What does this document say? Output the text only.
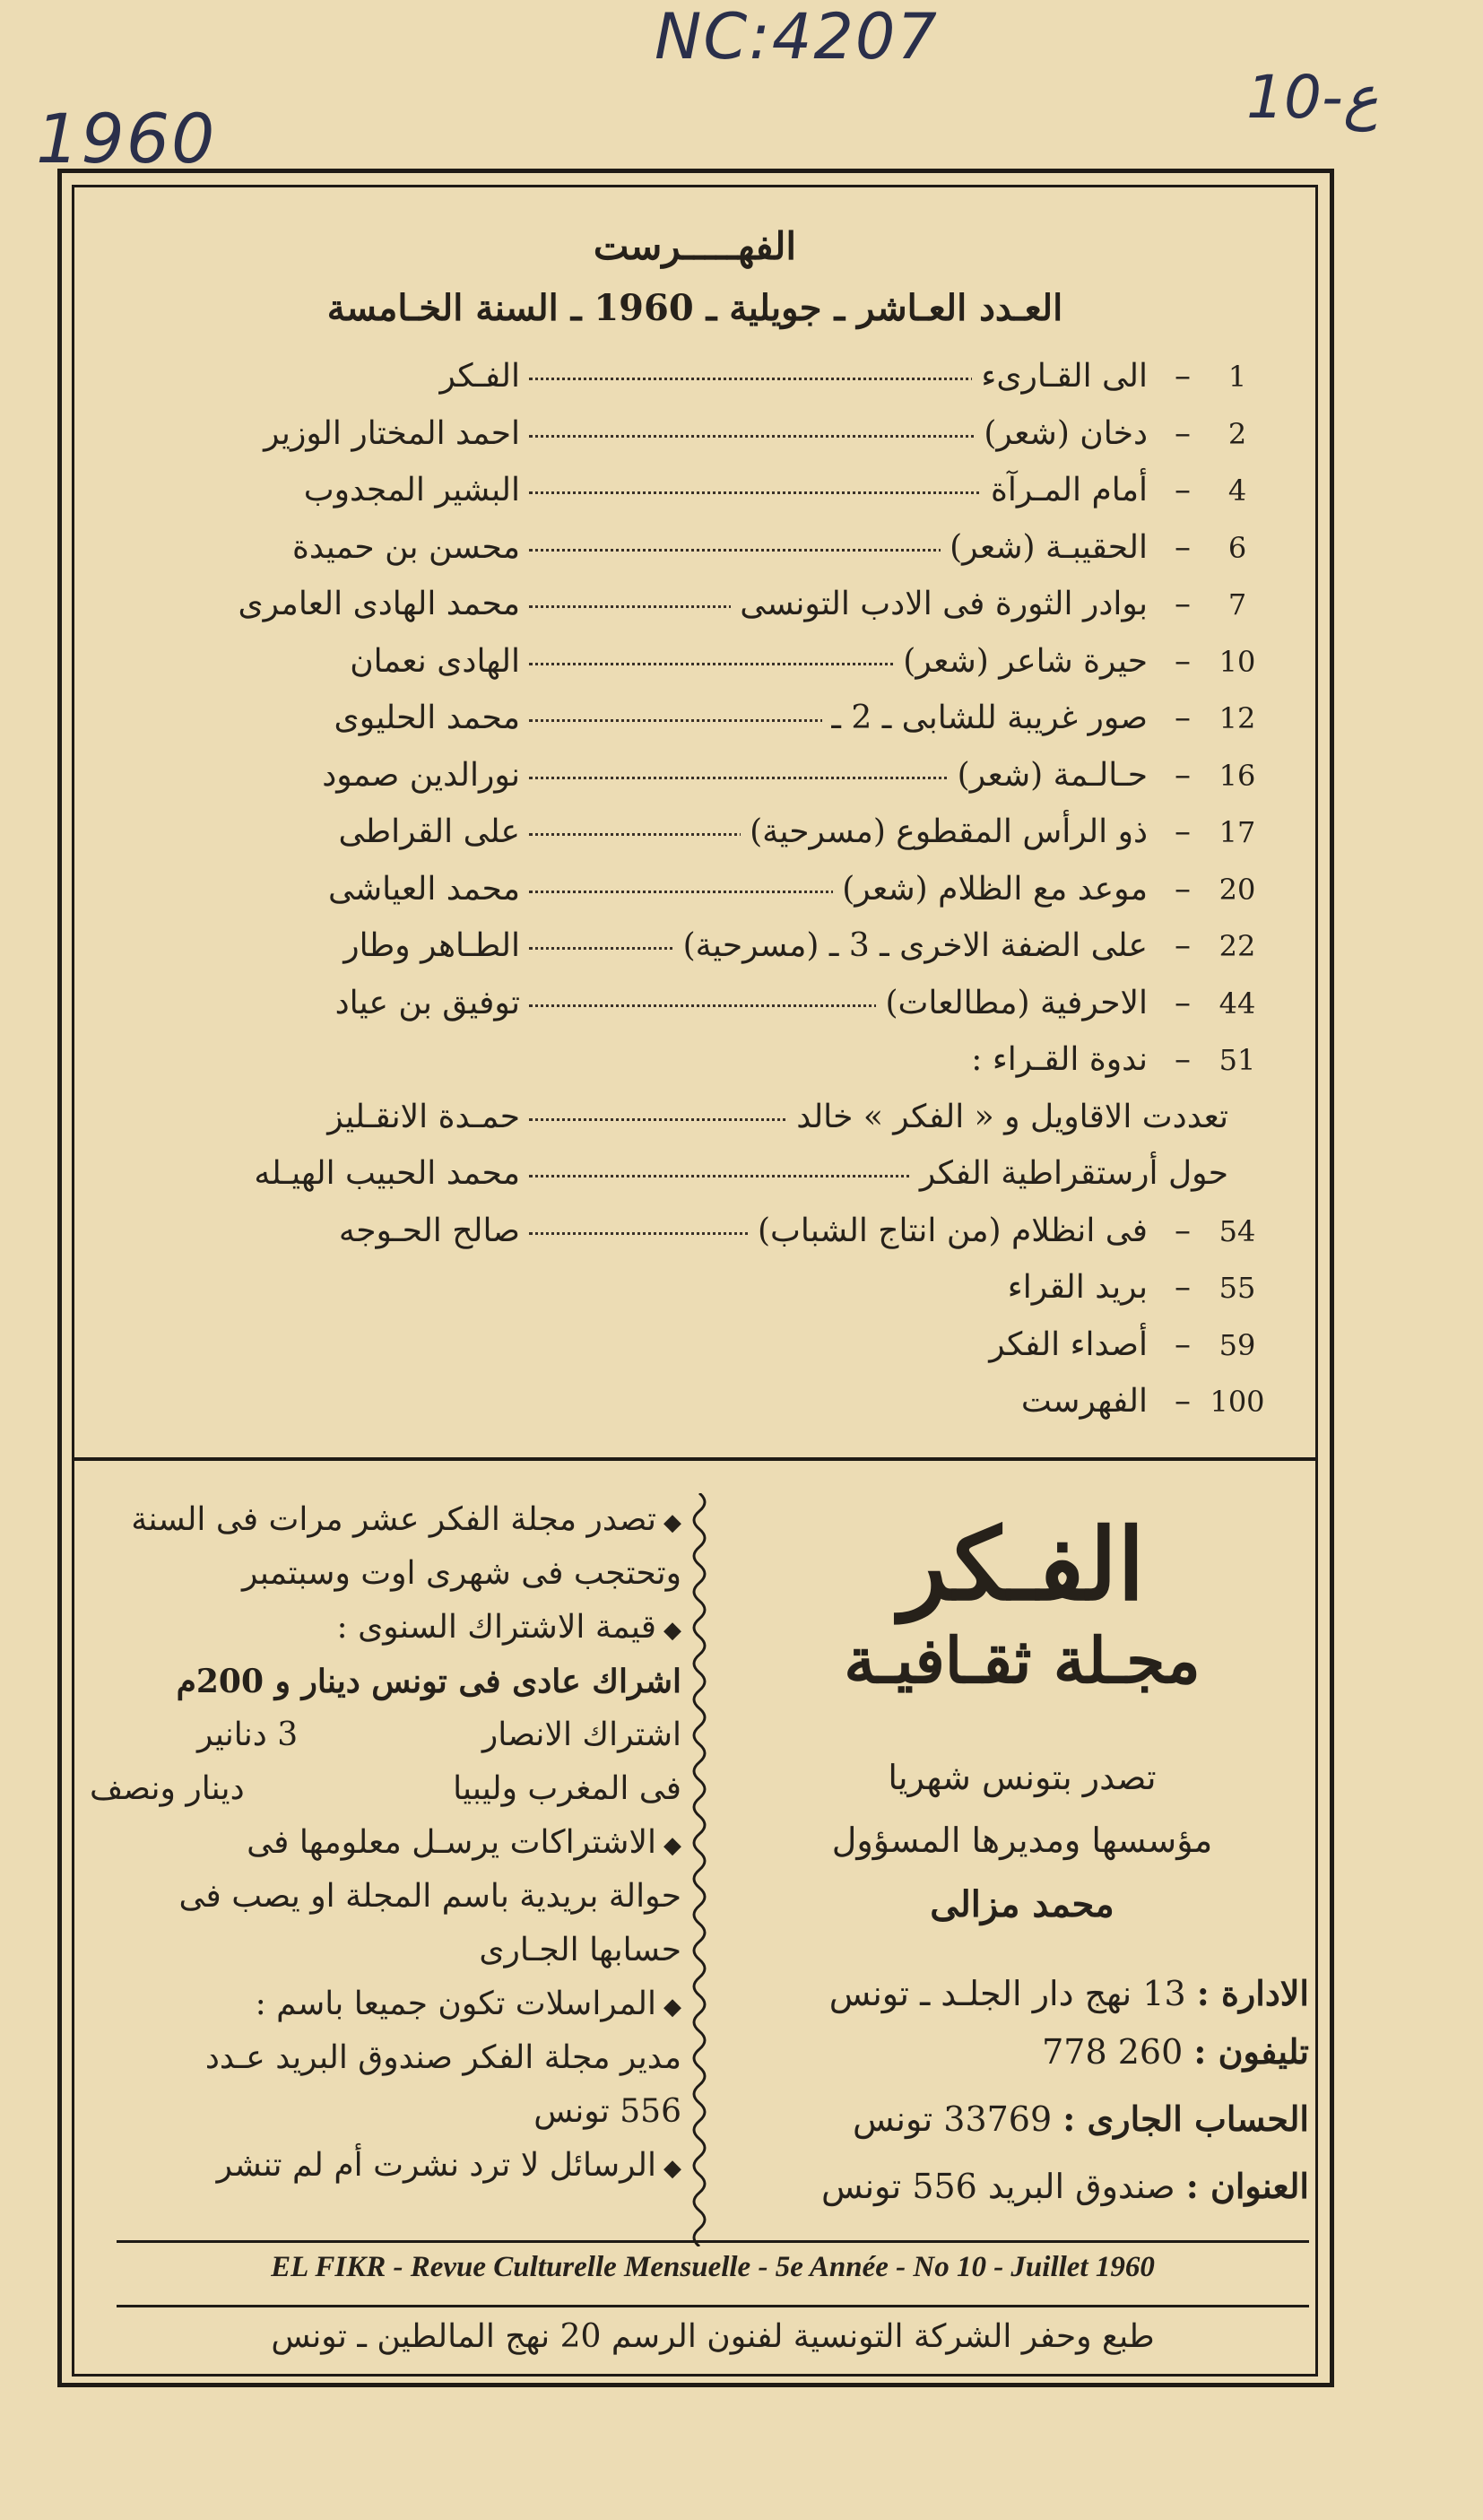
NC:4207
1960
10-ع
الفهـــــرست
العـدد العـاشر ـ جويلية ـ 1960 ـ السنة الخـامسة
1
–
الى القـارىء
الفـكر
2
–
دخان (شعر)
احمد المختار الوزير
4
–
أمام المـرآة
البشير المجدوب
6
–
الحقيبـة (شعر)
محسن بن حميدة
7
–
بوادر الثورة فى الادب التونسى
محمد الهادى العامرى
10
–
حيرة شاعر (شعر)
الهادى نعمان
12
–
صور غريبة للشابى ـ 2 ـ
محمد الحليوى
16
–
حـالـمة (شعر)
نورالدين صمود
17
–
ذو الرأس المقطوع (مسرحية)
على القراطى
20
–
موعد مع الظلام (شعر)
محمد العياشى
22
–
على الضفة الاخرى ـ 3 ـ (مسرحية)
الطـاهر وطار
44
–
الاحرفية (مطالعات)
توفيق بن عياد
51
–
ندوة القـراء :
تعددت الاقاويل و « الفكر » خالد
حمـدة الانقـليز
حول أرستقراطية الفكر
محمد الحبيب الهيـله
54
–
فى انظلام (من انتاج الشباب)
صالح الحـوجه
55
–
بريد القراء
59
–
أصداء الفكر
100
–
الفهرست
الفـكر
مجـلة ثقـافيـة
تصدر بتونس شهريا
مؤسسها ومديرها المسؤول
محمد مزالى
الادارة : 13 نهج دار الجلـد ـ تونس
تليفون : 260 778
الحساب الجارى : 33769 تونس
العنوان : صندوق البريد 556 تونس
◆تصدر مجلة الفكر عشر مرات فى السنة
وتحتجب فى شهرى اوت وسبتمبر
◆قيمة الاشتراك السنوى :
اشراك عادى فى تونس دينار و 200م
اشتراك الانصار
3 دنانير
فى المغرب وليبيا
دينار ونصف
◆الاشتراكات يرسـل معلومها فى
حوالة بريدية باسم المجلة او يصب فى
حسابها الجـارى
◆المراسلات تكون جميعا باسم :
مدير مجلة الفكر صندوق البريد عـدد
556 تونس
◆الرسائل لا ترد نشرت أم لم تنشر
EL FIKR - Revue Culturelle Mensuelle - 5e Année - No 10 - Juillet 1960
طبع وحفر الشركة التونسية لفنون الرسم 20 نهج المالطين ـ تونس
